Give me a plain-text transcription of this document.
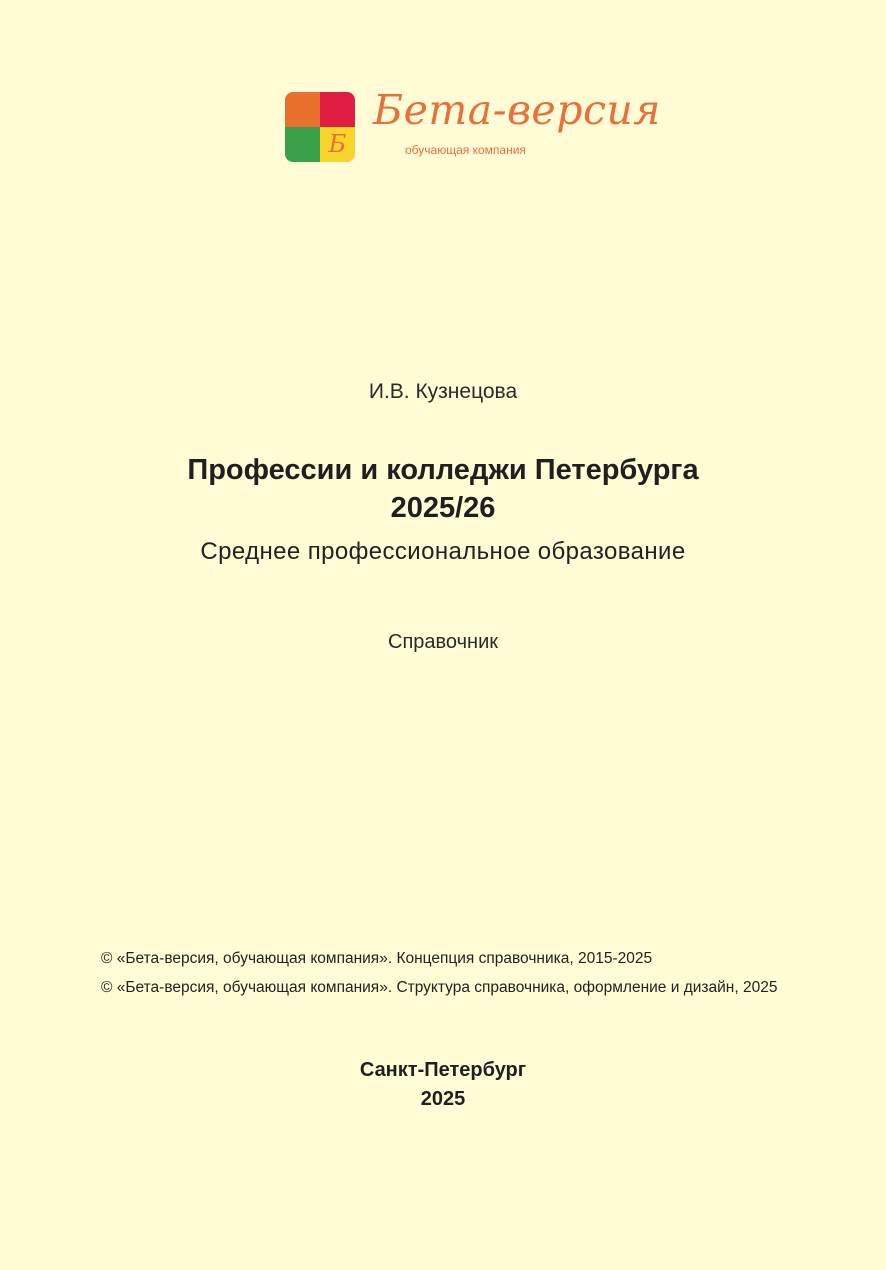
Б
Бета-версия
обучающая компания
И.В. Кузнецова
Профессии и колледжи Петербурга
2025/26
Среднее профессиональное образование
Справочник
© «Бета-версия, обучающая компания». Концепция справочника, 2015-2025
© «Бета-версия, обучающая компания». Структура справочника, оформление и дизайн, 2025
Санкт-Петербург
2025
